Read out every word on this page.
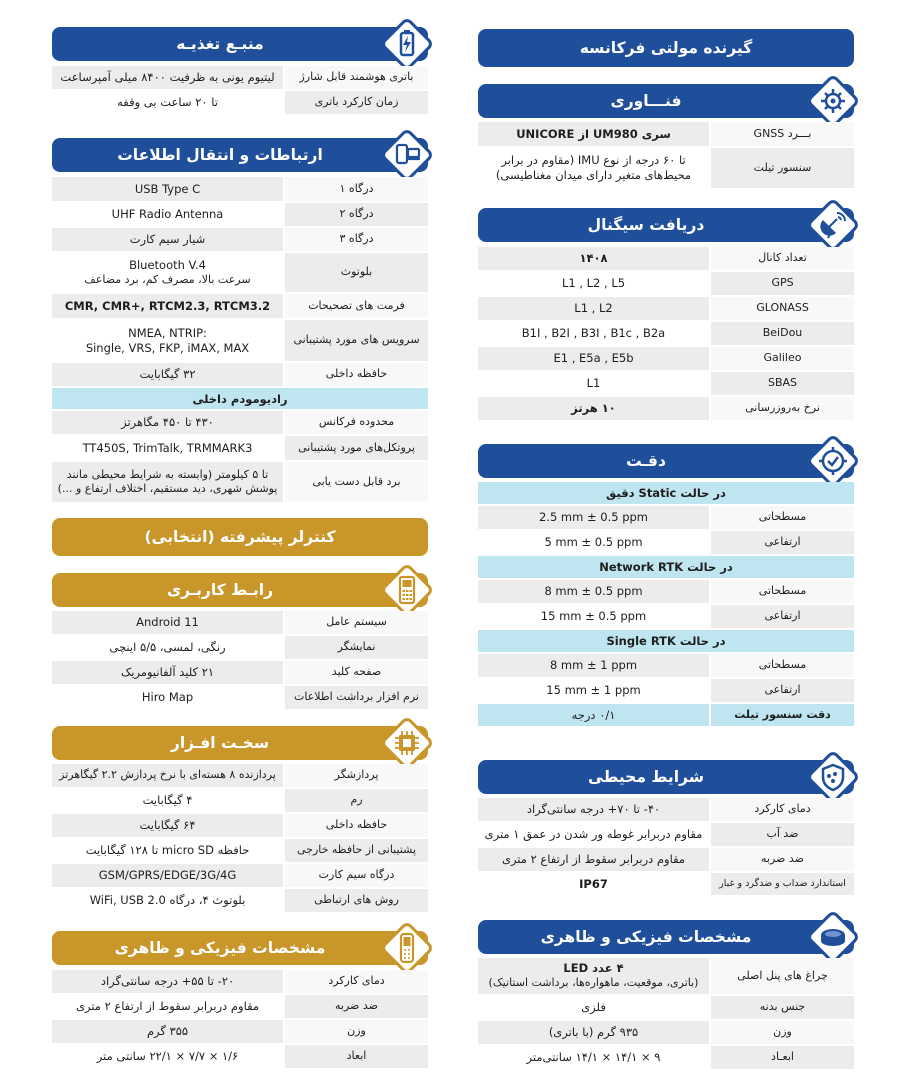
گیرنده مولتی فرکانسه
فنـــاوری
سری UM980 از UNICORE	بـــرد GNSS
تا ۶۰ درجه از نوع IMU (مقاوم در برابر
محیط‌های متغیر دارای میدان مغناطیسی)
سنسور تیلت
دریافت سیگنال
۱۴۰۸	تعداد کانال
L1 , L2 , L5	GPS
L1 , L2	GLONASS
B1I , B2I , B3I , B1c , B2a	BeiDou
E1 , E5a , E5b	Galileo
L1	SBAS
۱۰ هرتز	نرخ به‌روزرسانی
دقـت
در حالت Static دقیق
2.5 mm ± 0.5 ppm	مسطحاتی
5 mm ± 0.5 ppm	ارتفاعی
در حالت Network RTK
8 mm ± 0.5 ppm	مسطحاتی
15 mm ± 0.5 ppm	ارتفاعی
در حالت Single RTK
8 mm ± 1 ppm	مسطحاتی
15 mm ± 1 ppm	ارتفاعی
۰/۱ درجه	دقت سنسور تیلت
شرایط محیطی
۴۰- تا ۷۰+ درجه سانتی‌گراد	دمای کارکرد
مقاوم دربرابر غوطه ور شدن در عمق ۱ متری	ضد آب
مقاوم دربرابر سقوط از ارتفاع ۲ متری	ضد ضربه
IP67	استاندارد ضداب و ضدگرد و غبار
مشخصات فیزیکی و ظاهری
۴ عدد LED
(باتری، موقعیت، ماهواره‌ها، برداشت استاتیک)
چراغ های پنل اصلی
فلزی	جنس بدنه
۹۳۵ گرم (با باتری)	وزن
۹ × ۱۴/۱ × ۱۴/۱ سانتی‌متر	ابعـاد
منبـع تغذیـه
لیتیوم یونی به ظرفیت ۸۴۰۰ میلی آمپرساعت	باتری هوشمند قابل شارژ
تا ۲۰ ساعت بی وقفه	زمان کارکرد باتری
ارتباطات و انتقال اطلاعات
USB Type C	درگاه ۱
UHF Radio Antenna	درگاه ۲
شیار سیم کارت	درگاه ۳
Bluetooth V.4
سرعت بالا، مصرف کم، برد مضاعف
بلوتوث
CMR, CMR+, RTCM2.3, RTCM3.2	فرمت های تصحیحات
NMEA, NTRIP:
Single, VRS, FKP, iMAX, MAX
سرویس های مورد پشتیبانی
۳۲ گیگابایت	حافظه داخلی
رادیومودم داخلی
۴۳۰ تا ۴۵۰ مگاهرتز	محدوده فرکانس
TT450S, TrimTalk, TRMMARK3	پروتکل‌های مورد پشتیبانی
تا ۵ کیلومتر (وابسته به شرایط محیطی مانند
پوشش شهری، دید مستقیم، اختلاف ارتفاع و ...)
برد قابل دست یابی
کنترلر پیشرفته (انتخابی)
رابـط کاربـری
Android 11	سیستم عامل
رنگی، لمسی، ۵/۵ اینچی	نمایشگر
۲۱ کلید آلفانیومریک	صفحه کلید
Hiro Map	نرم افزار برداشت اطلاعات
سخـت افـزار
پردازنده ۸ هسته‌ای با نرخ پردازش ۲.۲ گیگاهرتز	پردازشگر
۴ گیگابایت	رم
۶۴ گیگابایت	حافظه داخلی
حافظه micro SD تا ۱۲۸ گیگابایت	پشتیبانی از حافظه خارجی
GSM/GPRS/EDGE/3G/4G	درگاه سیم کارت
بلوتوث ۴، درگاه WiFi, USB 2.0	روش های ارتباطی
مشخصات فیزیکی و ظاهری
۲۰- تا ۵۵+ درجه سانتی‌گراد	دمای کارکرد
مقاوم دربرابر سقوط از ارتفاع ۲ متری	ضد ضربه
۳۵۵ گرم	وزن
۱/۶ × ۷/۷ × ۲۲/۱ سانتی متر	ابعاد
